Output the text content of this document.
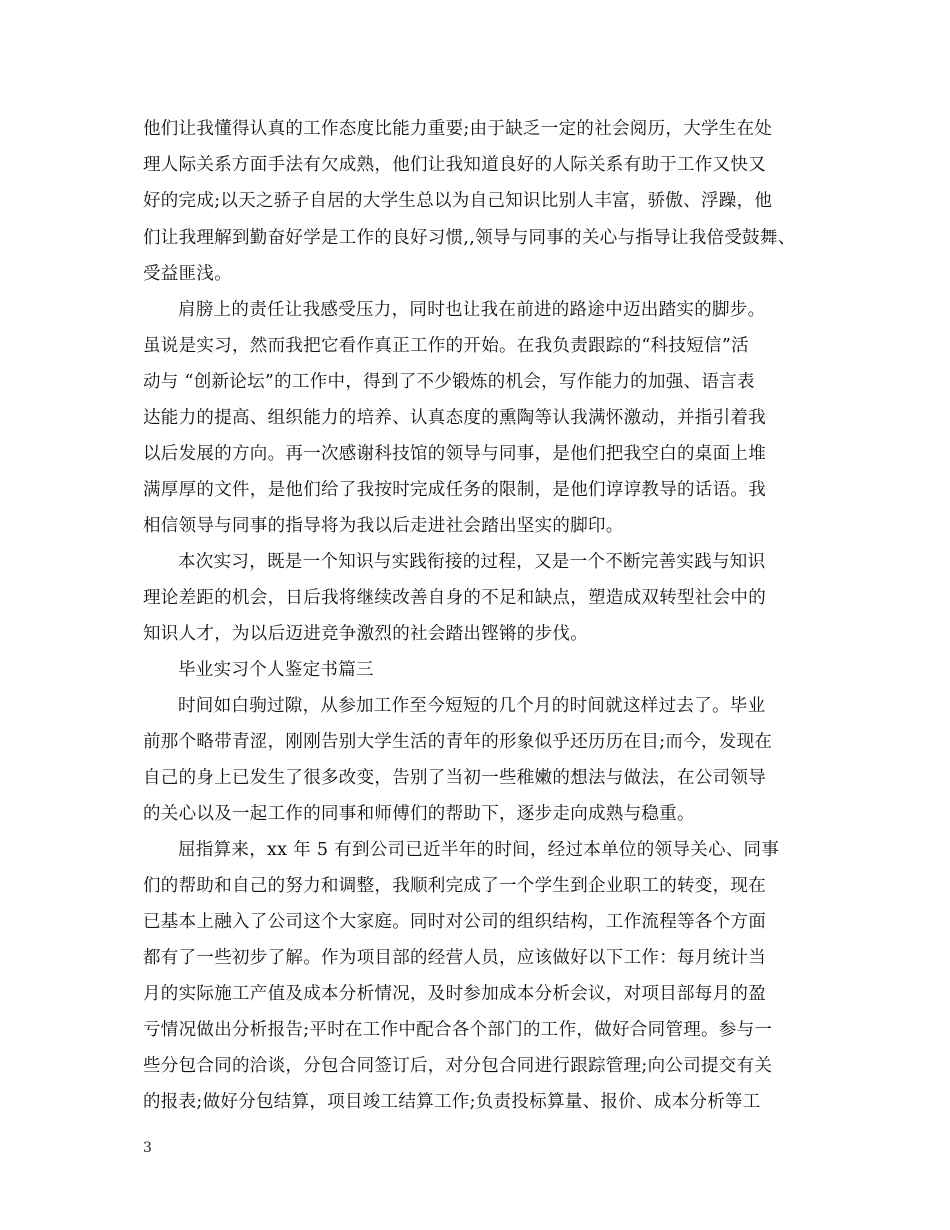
他们让我懂得认真的工作态度比能力重要;由于缺乏一定的社会阅历，大学生在处
理人际关系方面手法有欠成熟，他们让我知道良好的人际关系有助于工作又快又
好的完成;以天之骄子自居的大学生总以为自己知识比别人丰富，骄傲、浮躁，他
们让我理解到勤奋好学是工作的良好习惯,,领导与同事的关心与指导让我倍受鼓舞、
受益匪浅。
肩膀上的责任让我感受压力，同时也让我在前进的路途中迈出踏实的脚步。
虽说是实习，然而我把它看作真正工作的开始。在我负责跟踪的“科技短信”活
动与 “创新论坛”的工作中，得到了不少锻炼的机会，写作能力的加强、语言表
达能力的提高、组织能力的培养、认真态度的熏陶等认我满怀激动，并指引着我
以后发展的方向。再一次感谢科技馆的领导与同事，是他们把我空白的桌面上堆
满厚厚的文件，是他们给了我按时完成任务的限制，是他们谆谆教导的话语。我
相信领导与同事的指导将为我以后走进社会踏出坚实的脚印。
本次实习，既是一个知识与实践衔接的过程，又是一个不断完善实践与知识
理论差距的机会，日后我将继续改善自身的不足和缺点，塑造成双转型社会中的
知识人才，为以后迈进竞争激烈的社会踏出铿锵的步伐。
毕业实习个人鉴定书篇三
时间如白驹过隙，从参加工作至今短短的几个月的时间就这样过去了。毕业
前那个略带青涩，刚刚告别大学生活的青年的形象似乎还历历在目;而今，发现在
自己的身上已发生了很多改变，告别了当初一些稚嫩的想法与做法，在公司领导
的关心以及一起工作的同事和师傅们的帮助下，逐步走向成熟与稳重。
屈指算来，xx 年 5 有到公司已近半年的时间，经过本单位的领导关心、同事
们的帮助和自己的努力和调整，我顺利完成了一个学生到企业职工的转变，现在
已基本上融入了公司这个大家庭。同时对公司的组织结构，工作流程等各个方面
都有了一些初步了解。作为项目部的经营人员，应该做好以下工作：每月统计当
月的实际施工产值及成本分析情况，及时参加成本分析会议，对项目部每月的盈
亏情况做出分析报告;平时在工作中配合各个部门的工作，做好合同管理。参与一
些分包合同的洽谈，分包合同签订后，对分包合同进行跟踪管理;向公司提交有关
的报表;做好分包结算，项目竣工结算工作;负责投标算量、报价、成本分析等工
3
